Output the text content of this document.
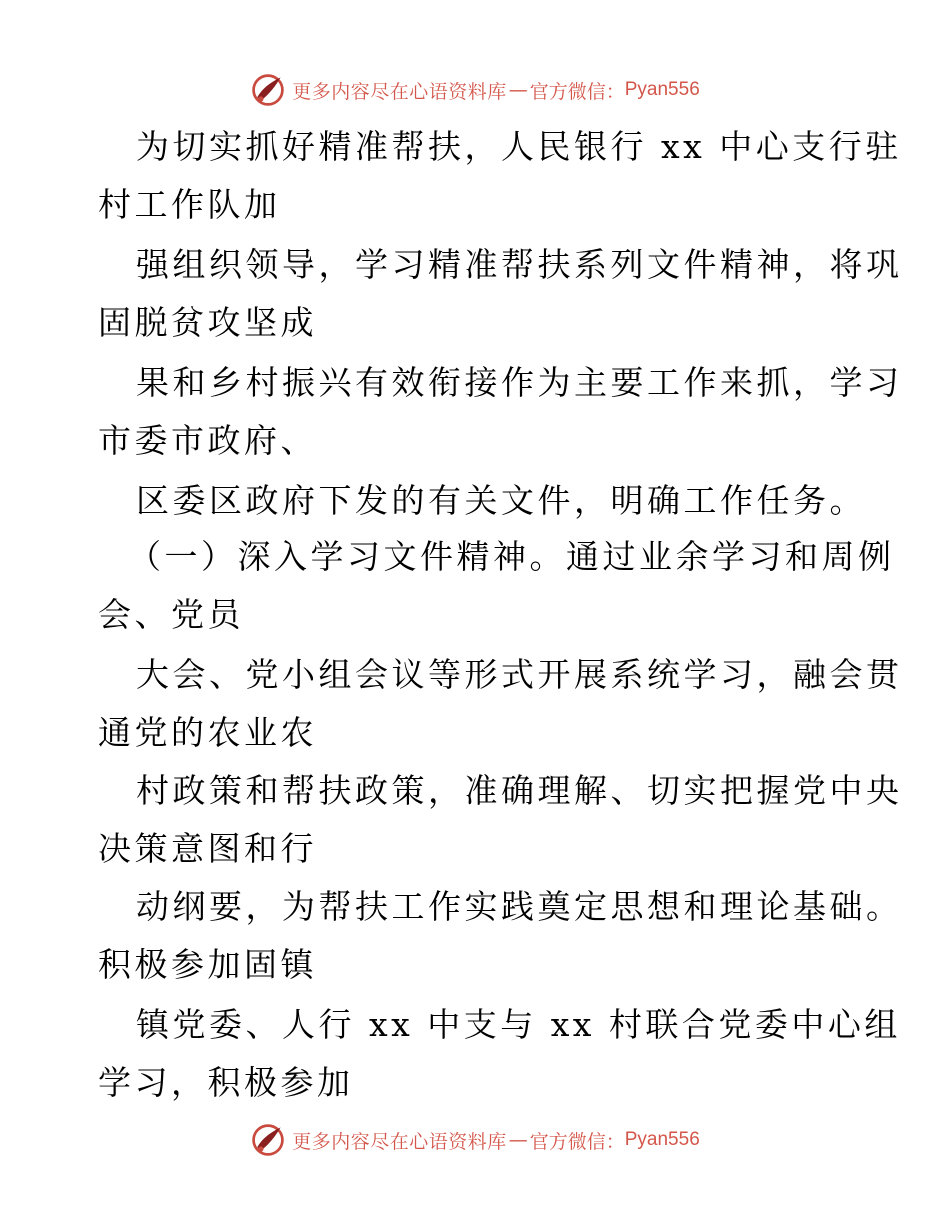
更多内容尽在心语资料库 — 官方微信： Pyan556
为切实抓好精准帮扶，人民银行 xx 中心支行驻
村工作队加
强组织领导，学习精准帮扶系列文件精神，将巩
固脱贫攻坚成
果和乡村振兴有效衔接作为主要工作来抓，学习
市委市政府、
区委区政府下发的有关文件，明确工作任务。
（一）深入学习文件精神。通过业余学习和周例
会、党员
大会、党小组会议等形式开展系统学习，融会贯
通党的农业农
村政策和帮扶政策，准确理解、切实把握党中央
决策意图和行
动纲要，为帮扶工作实践奠定思想和理论基础。
积极参加固镇
镇党委、人行 xx 中支与 xx 村联合党委中心组
学习，积极参加
更多内容尽在心语资料库 — 官方微信： Pyan556
